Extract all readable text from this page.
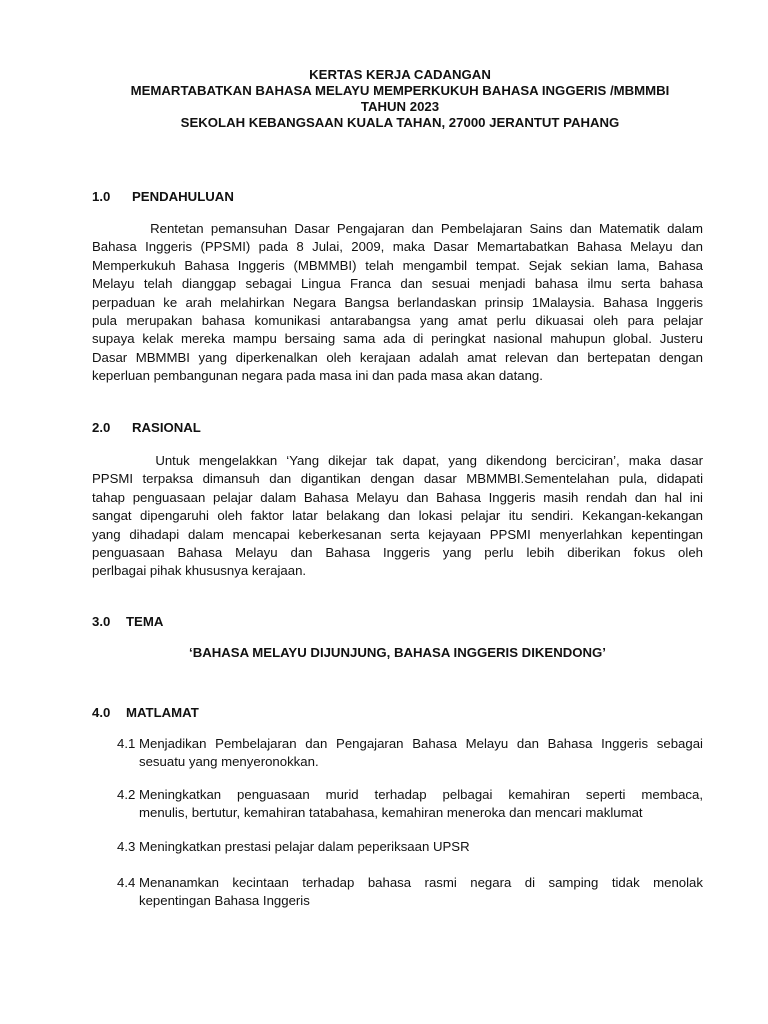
KERTAS KERJA CADANGAN
MEMARTABATKAN BAHASA MELAYU MEMPERKUKUH BAHASA INGGERIS /MBMMBI
TAHUN 2023
SEKOLAH KEBANGSAAN KUALA TAHAN, 27000 JERANTUT PAHANG
1.0 PENDAHULUAN
Rentetan pemansuhan Dasar Pengajaran dan Pembelajaran Sains dan Matematik dalam
Bahasa Inggeris (PPSMI) pada 8 Julai, 2009, maka Dasar Memartabatkan Bahasa Melayu dan
Memperkukuh Bahasa Inggeris (MBMMBI) telah mengambil tempat. Sejak sekian lama, Bahasa
Melayu telah dianggap sebagai Lingua Franca dan sesuai menjadi bahasa ilmu serta bahasa
perpaduan ke arah melahirkan Negara Bangsa berlandaskan prinsip 1Malaysia. Bahasa Inggeris
pula merupakan bahasa komunikasi antarabangsa yang amat perlu dikuasai oleh para pelajar
supaya kelak mereka mampu bersaing sama ada di peringkat nasional mahupun global. Justeru
Dasar MBMMBI yang diperkenalkan oleh kerajaan adalah amat relevan dan bertepatan dengan
keperluan pembangunan negara pada masa ini dan pada masa akan datang.
2.0 RASIONAL
Untuk mengelakkan ‘Yang dikejar tak dapat, yang dikendong berciciran’, maka dasar
PPSMI terpaksa dimansuh dan digantikan dengan dasar MBMMBI.Sementelahan pula, didapati
tahap penguasaan pelajar dalam Bahasa Melayu dan Bahasa Inggeris masih rendah dan hal ini
sangat dipengaruhi oleh faktor latar belakang dan lokasi pelajar itu sendiri. Kekangan-kekangan
yang dihadapi dalam mencapai keberkesanan serta kejayaan PPSMI menyerlahkan kepentingan
penguasaan Bahasa Melayu dan Bahasa Inggeris yang perlu lebih diberikan fokus oleh
perlbagai pihak khususnya kerajaan.
3.0 TEMA
‘BAHASA MELAYU DIJUNJUNG, BAHASA INGGERIS DIKENDONG’
4.0 MATLAMAT
4.1 Menjadikan Pembelajaran dan Pengajaran Bahasa Melayu dan Bahasa Inggeris sebagai
sesuatu yang menyeronokkan.
4.2 Meningkatkan penguasaan murid terhadap pelbagai kemahiran seperti membaca,
menulis, bertutur, kemahiran tatabahasa, kemahiran meneroka dan mencari maklumat
4.3 Meningkatkan prestasi pelajar dalam peperiksaan UPSR
4.4 Menanamkan kecintaan terhadap bahasa rasmi negara di samping tidak menolak
kepentingan Bahasa Inggeris
